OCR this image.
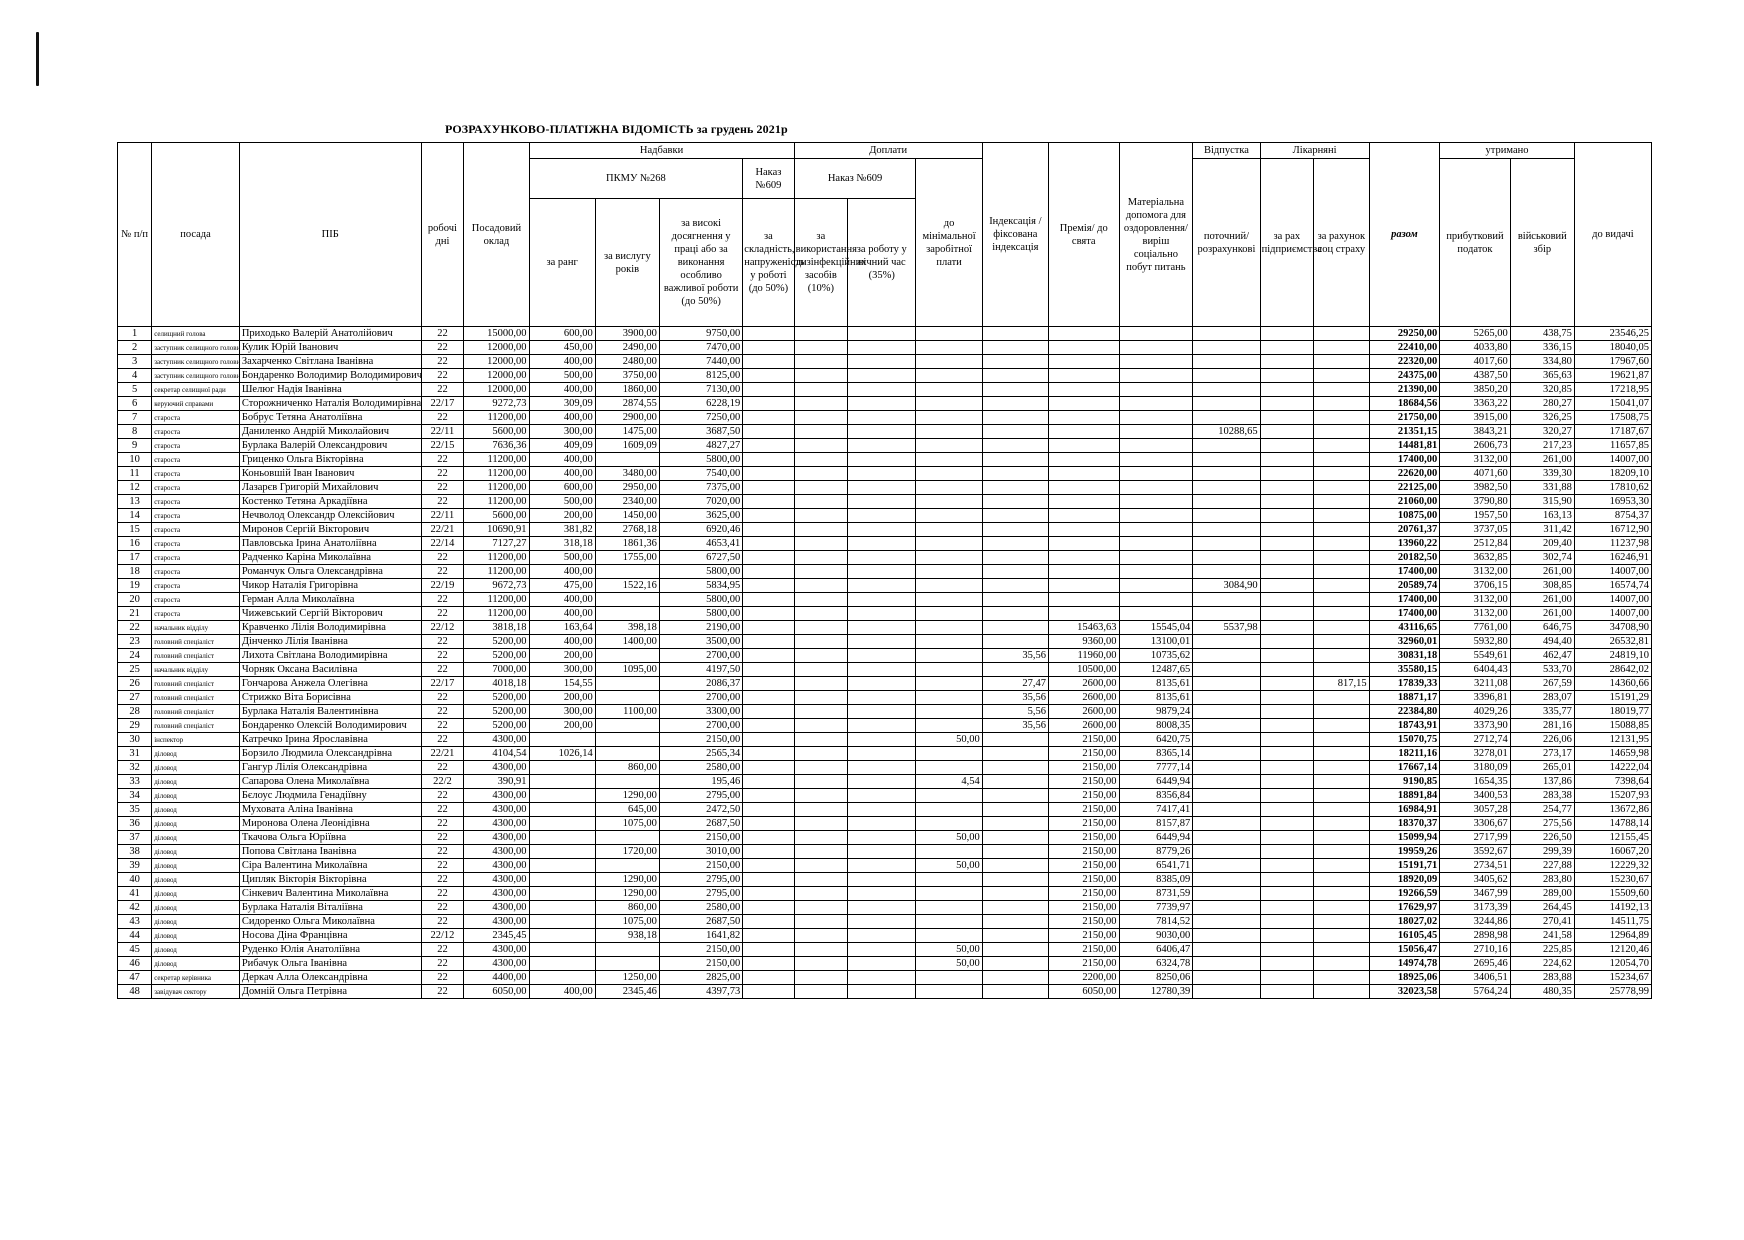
РОЗРАХУНКОВО-ПЛАТІЖНА ВІДОМІСТЬ за грудень 2021р
№ п/п	посада	ПІБ	робочі дні	Посадовий оклад	Надбавки				Доплати			Індексація / фіксована індексація	Премія/ до свята	Матеріальна допомога для оздоровлення/ виріш соціально побут питань	Відпустка	Лікарняні		разом	утримано		до видачі
					ПКМУ №268			Наказ №609	Наказ №609		до мінімальної заробітної плати				поточний/ розрахункові	за рах підприємства	за рахунок соц страху		прибутковий податок	військовий збір	
					за ранг	за вислугу років	за високі досягнення у праці або за виконання особливо важливої роботи (до 50%)	за складність, напруженість у роботі (до 50%)	за використання дизінфекційних засобів (10%)	за роботу у нічний час (35%)											
1	селищний голова	Приходько Валерій Анатолійович	22	15000,00	600,00	3900,00	9750,00											29250,00	5265,00	438,75	23546,25
2	заступник селищного голови	Кулик Юрій Іванович	22	12000,00	450,00	2490,00	7470,00											22410,00	4033,80	336,15	18040,05
3	заступник селищного голови	Захарченко Світлана Іванівна	22	12000,00	400,00	2480,00	7440,00											22320,00	4017,60	334,80	17967,60
4	заступник селищного голови	Бондаренко Володимир Володимирович	22	12000,00	500,00	3750,00	8125,00											24375,00	4387,50	365,63	19621,87
5	секретар селищної ради	Шелюг Надія Іванівна	22	12000,00	400,00	1860,00	7130,00											21390,00	3850,20	320,85	17218,95
6	керуючий справами	Сторожниченко Наталія Володимирівна	22/17	9272,73	309,09	2874,55	6228,19											18684,56	3363,22	280,27	15041,07
7	староста	Бобрус Тетяна Анатоліївна	22	11200,00	400,00	2900,00	7250,00											21750,00	3915,00	326,25	17508,75
8	староста	Даниленко Андрій Миколайович	22/11	5600,00	300,00	1475,00	3687,50								10288,65			21351,15	3843,21	320,27	17187,67
9	староста	Бурлака Валерій Олександрович	22/15	7636,36	409,09	1609,09	4827,27											14481,81	2606,73	217,23	11657,85
10	староста	Гриценко Ольга Вікторівна	22	11200,00	400,00		5800,00											17400,00	3132,00	261,00	14007,00
11	староста	Коньовшій Іван Іванович	22	11200,00	400,00	3480,00	7540,00											22620,00	4071,60	339,30	18209,10
12	староста	Лазарєв Григорій Михайлович	22	11200,00	600,00	2950,00	7375,00											22125,00	3982,50	331,88	17810,62
13	староста	Костенко Тетяна Аркадіївна	22	11200,00	500,00	2340,00	7020,00											21060,00	3790,80	315,90	16953,30
14	староста	Нечволод Олександр Олексійович	22/11	5600,00	200,00	1450,00	3625,00											10875,00	1957,50	163,13	8754,37
15	староста	Миронов Сергій Вікторович	22/21	10690,91	381,82	2768,18	6920,46											20761,37	3737,05	311,42	16712,90
16	староста	Павловська Ірина Анатоліївна	22/14	7127,27	318,18	1861,36	4653,41											13960,22	2512,84	209,40	11237,98
17	староста	Радченко Каріна Миколаївна	22	11200,00	500,00	1755,00	6727,50											20182,50	3632,85	302,74	16246,91
18	староста	Романчук Ольга Олександрівна	22	11200,00	400,00		5800,00											17400,00	3132,00	261,00	14007,00
19	староста	Чикор Наталія Григорівна	22/19	9672,73	475,00	1522,16	5834,95								3084,90			20589,74	3706,15	308,85	16574,74
20	староста	Герман Алла Миколаївна	22	11200,00	400,00		5800,00											17400,00	3132,00	261,00	14007,00
21	староста	Чижевський Сергій Вікторович	22	11200,00	400,00		5800,00											17400,00	3132,00	261,00	14007,00
22	начальник відділу	Кравченко Лілія Володимирівна	22/12	3818,18	163,64	398,18	2190,00						15463,63	15545,04	5537,98			43116,65	7761,00	646,75	34708,90
23	головний спеціаліст	Дінченко Лілія Іванівна	22	5200,00	400,00	1400,00	3500,00						9360,00	13100,01				32960,01	5932,80	494,40	26532,81
24	головний спеціаліст	Лихота Світлана Володимирівна	22	5200,00	200,00		2700,00					35,56	11960,00	10735,62				30831,18	5549,61	462,47	24819,10
25	начальник відділу	Чорняк Оксана Василівна	22	7000,00	300,00	1095,00	4197,50						10500,00	12487,65				35580,15	6404,43	533,70	28642,02
26	головний спеціаліст	Гончарова Анжела Олегівна	22/17	4018,18	154,55		2086,37					27,47	2600,00	8135,61			817,15	17839,33	3211,08	267,59	14360,66
27	головний спеціаліст	Стрижко Віта Борисівна	22	5200,00	200,00		2700,00					35,56	2600,00	8135,61				18871,17	3396,81	283,07	15191,29
28	головний спеціаліст	Бурлака Наталія Валентинівна	22	5200,00	300,00	1100,00	3300,00					5,56	2600,00	9879,24				22384,80	4029,26	335,77	18019,77
29	головний спеціаліст	Бондаренко Олексій Володимирович	22	5200,00	200,00		2700,00					35,56	2600,00	8008,35				18743,91	3373,90	281,16	15088,85
30	інспектор	Катречко Ірина Ярославівна	22	4300,00			2150,00				50,00		2150,00	6420,75				15070,75	2712,74	226,06	12131,95
31	діловод	Борзило Людмила Олександрівна	22/21	4104,54	1026,14		2565,34						2150,00	8365,14				18211,16	3278,01	273,17	14659,98
32	діловод	Гангур Лілія Олександрівна	22	4300,00		860,00	2580,00						2150,00	7777,14				17667,14	3180,09	265,01	14222,04
33	діловод	Сапарова Олена Миколаївна	22/2	390,91			195,46				4,54		2150,00	6449,94				9190,85	1654,35	137,86	7398,64
34	діловод	Бєлоус Людмила Генадіївну	22	4300,00		1290,00	2795,00						2150,00	8356,84				18891,84	3400,53	283,38	15207,93
35	діловод	Муховата Аліна Іванівна	22	4300,00		645,00	2472,50						2150,00	7417,41				16984,91	3057,28	254,77	13672,86
36	діловод	Миронова Олена Леонідівна	22	4300,00		1075,00	2687,50						2150,00	8157,87				18370,37	3306,67	275,56	14788,14
37	діловод	Ткачова Ольга Юріївна	22	4300,00			2150,00				50,00		2150,00	6449,94				15099,94	2717,99	226,50	12155,45
38	діловод	Попова Світлана Іванівна	22	4300,00		1720,00	3010,00						2150,00	8779,26				19959,26	3592,67	299,39	16067,20
39	діловод	Сіра Валентина Миколаївна	22	4300,00			2150,00				50,00		2150,00	6541,71				15191,71	2734,51	227,88	12229,32
40	діловод	Ципляк Вікторія Вікторівна	22	4300,00		1290,00	2795,00						2150,00	8385,09				18920,09	3405,62	283,80	15230,67
41	діловод	Сінкевич Валентина Миколаївна	22	4300,00		1290,00	2795,00						2150,00	8731,59				19266,59	3467,99	289,00	15509,60
42	діловод	Бурлака Наталія Віталіївна	22	4300,00		860,00	2580,00						2150,00	7739,97				17629,97	3173,39	264,45	14192,13
43	діловод	Сидоренко Ольга Миколаївна	22	4300,00		1075,00	2687,50						2150,00	7814,52				18027,02	3244,86	270,41	14511,75
44	діловод	Носова Діна Францівна	22/12	2345,45		938,18	1641,82						2150,00	9030,00				16105,45	2898,98	241,58	12964,89
45	діловод	Руденко Юлія Анатоліївна	22	4300,00			2150,00				50,00		2150,00	6406,47				15056,47	2710,16	225,85	12120,46
46	діловод	Рибачук Ольга Іванівна	22	4300,00			2150,00				50,00		2150,00	6324,78				14974,78	2695,46	224,62	12054,70
47	секретар керівника	Деркач Алла Олександрівна	22	4400,00		1250,00	2825,00						2200,00	8250,06				18925,06	3406,51	283,88	15234,67
48	завідувач сектору	Домній Ольга Петрівна	22	6050,00	400,00	2345,46	4397,73						6050,00	12780,39				32023,58	5764,24	480,35	25778,99
